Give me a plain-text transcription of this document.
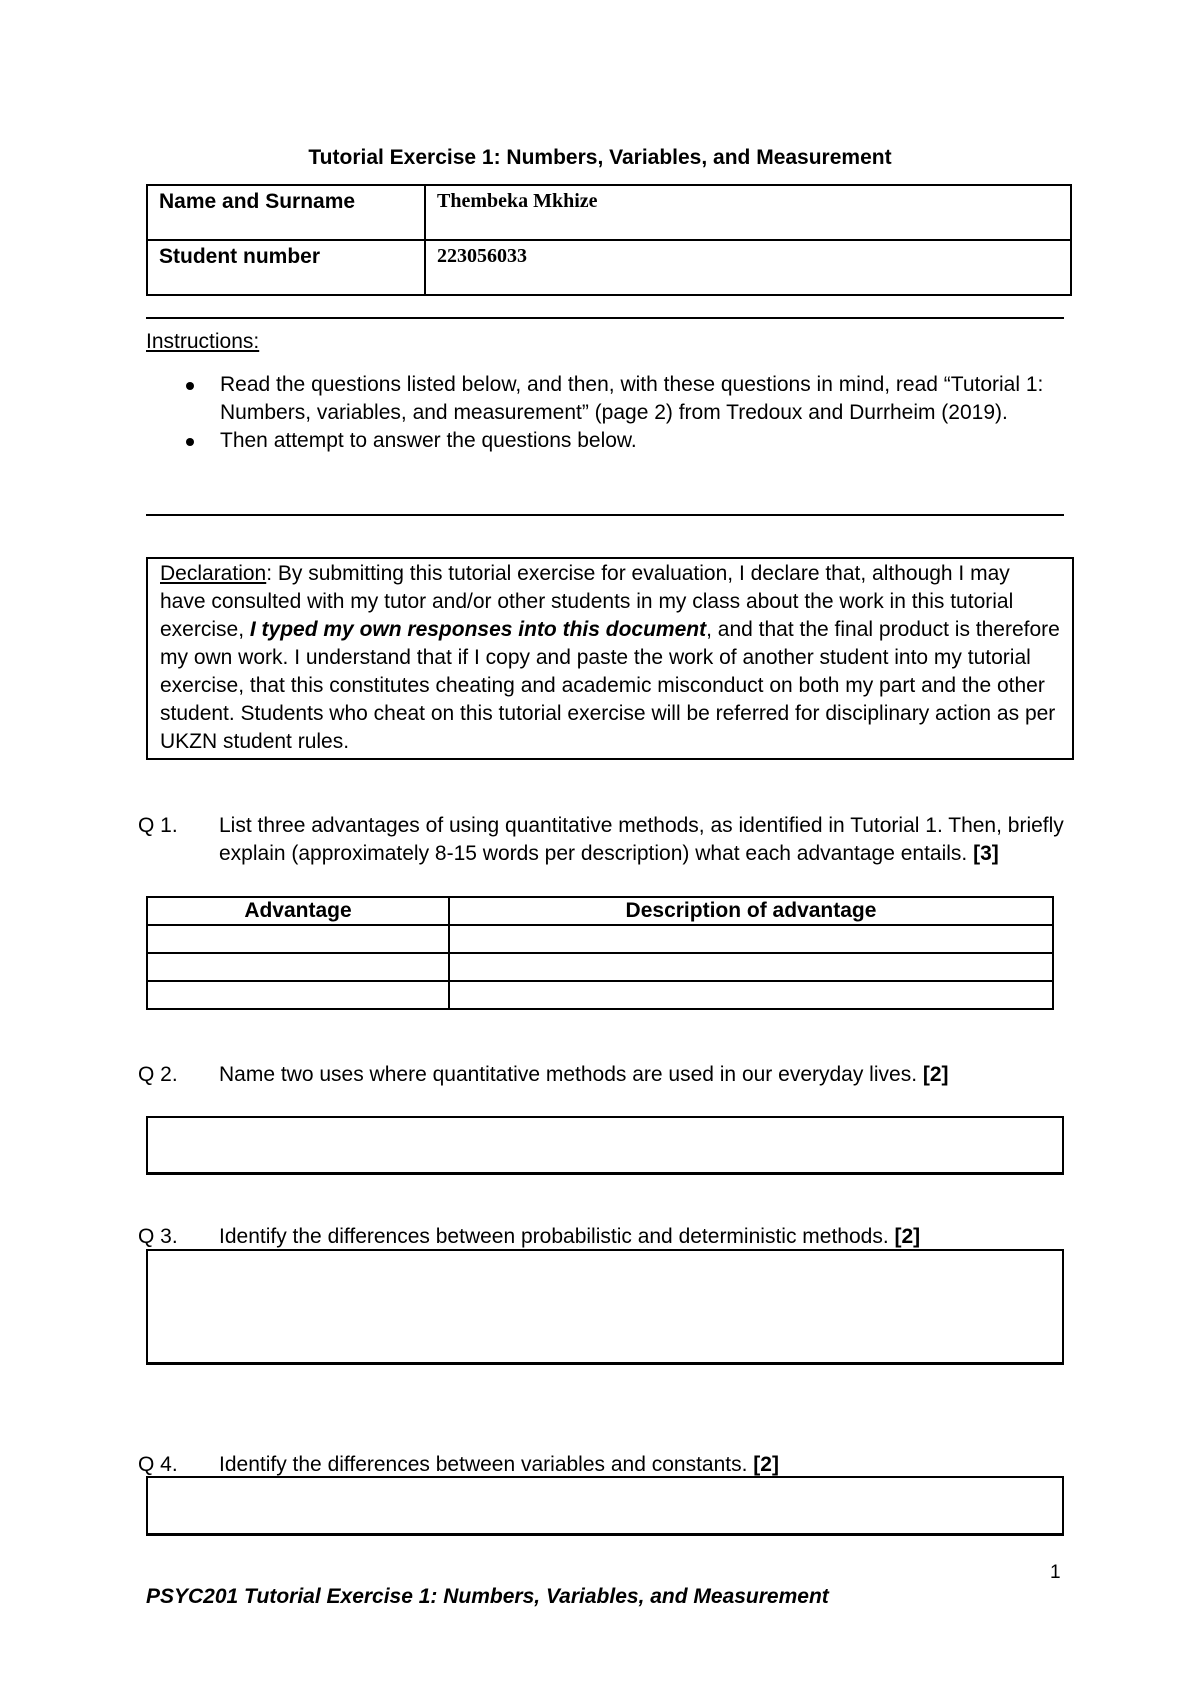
Tutorial Exercise 1: Numbers, Variables, and Measurement
Name and Surname	Thembeka Mkhize
Student number	223056033
Instructions:
Read the questions listed below, and then, with these questions in mind, read “Tutorial 1: Numbers, variables, and measurement” (page 2) from Tredoux and Durrheim (2019).
Then attempt to answer the questions below.
Declaration: By submitting this tutorial exercise for evaluation, I declare that, although I may have consulted with my tutor and/or other students in my class about the work in this tutorial exercise, I typed my own responses into this document, and that the final product is therefore my own work. I understand that if I copy and paste the work of another student into my tutorial exercise, that this constitutes cheating and academic misconduct on both my part and the other student. Students who cheat on this tutorial exercise will be referred for disciplinary action as per UKZN student rules.
Q 1. List three advantages of using quantitative methods, as identified in Tutorial 1. Then, briefly explain (approximately 8-15 words per description) what each advantage entails. [3]
Advantage	Description of advantage

Q 2. Name two uses where quantitative methods are used in our everyday lives. [2]
Q 3. Identify the differences between probabilistic and deterministic methods. [2]
Q 4. Identify the differences between variables and constants. [2]
1
PSYC201 Tutorial Exercise 1: Numbers, Variables, and Measurement
